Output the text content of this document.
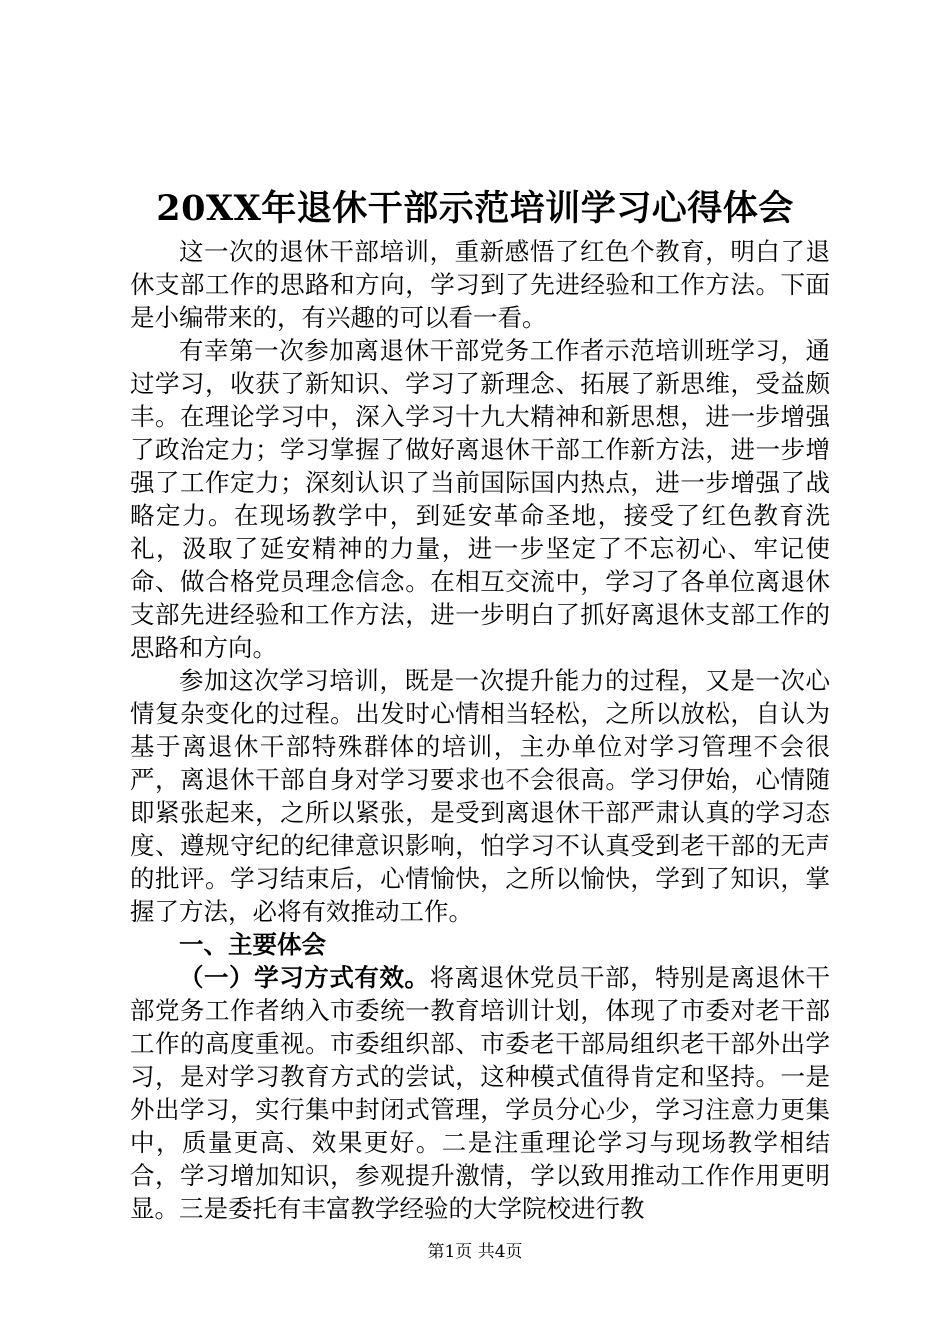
20XX年退休干部示范培训学习心得体会

这一次的退休干部培训，重新感悟了红色个教育，明白了退休支部工作的思路和方向，学习到了先进经验和工作方法。下面是小编带来的，有兴趣的可以看一看。

有幸第一次参加离退休干部党务工作者示范培训班学习，通过学习，收获了新知识、学习了新理念、拓展了新思维，受益颇丰。在理论学习中，深入学习十九大精神和新思想，进一步增强了政治定力；学习掌握了做好离退休干部工作新方法，进一步增强了工作定力；深刻认识了当前国际国内热点，进一步增强了战略定力。在现场教学中，到延安革命圣地，接受了红色教育洗礼，汲取了延安精神的力量，进一步坚定了不忘初心、牢记使命、做合格党员理念信念。在相互交流中，学习了各单位离退休支部先进经验和工作方法，进一步明白了抓好离退休支部工作的思路和方向。

参加这次学习培训，既是一次提升能力的过程，又是一次心情复杂变化的过程。出发时心情相当轻松，之所以放松，自认为基于离退休干部特殊群体的培训，主办单位对学习管理不会很严，离退休干部自身对学习要求也不会很高。学习伊始，心情随即紧张起来，之所以紧张，是受到离退休干部严肃认真的学习态度、遵规守纪的纪律意识影响，怕学习不认真受到老干部的无声的批评。学习结束后，心情愉快，之所以愉快，学到了知识，掌握了方法，必将有效推动工作。

一、主要体会

（一）学习方式有效。将离退休党员干部，特别是离退休干部党务工作者纳入市委统一教育培训计划，体现了市委对老干部工作的高度重视。市委组织部、市委老干部局组织老干部外出学习，是对学习教育方式的尝试，这种模式值得肯定和坚持。一是外出学习，实行集中封闭式管理，学员分心少，学习注意力更集中，质量更高、效果更好。二是注重理论学习与现场教学相结合，学习增加知识，参观提升激情，学以致用推动工作作用更明显。三是委托有丰富教学经验的大学院校进行教

第1页 共4页
